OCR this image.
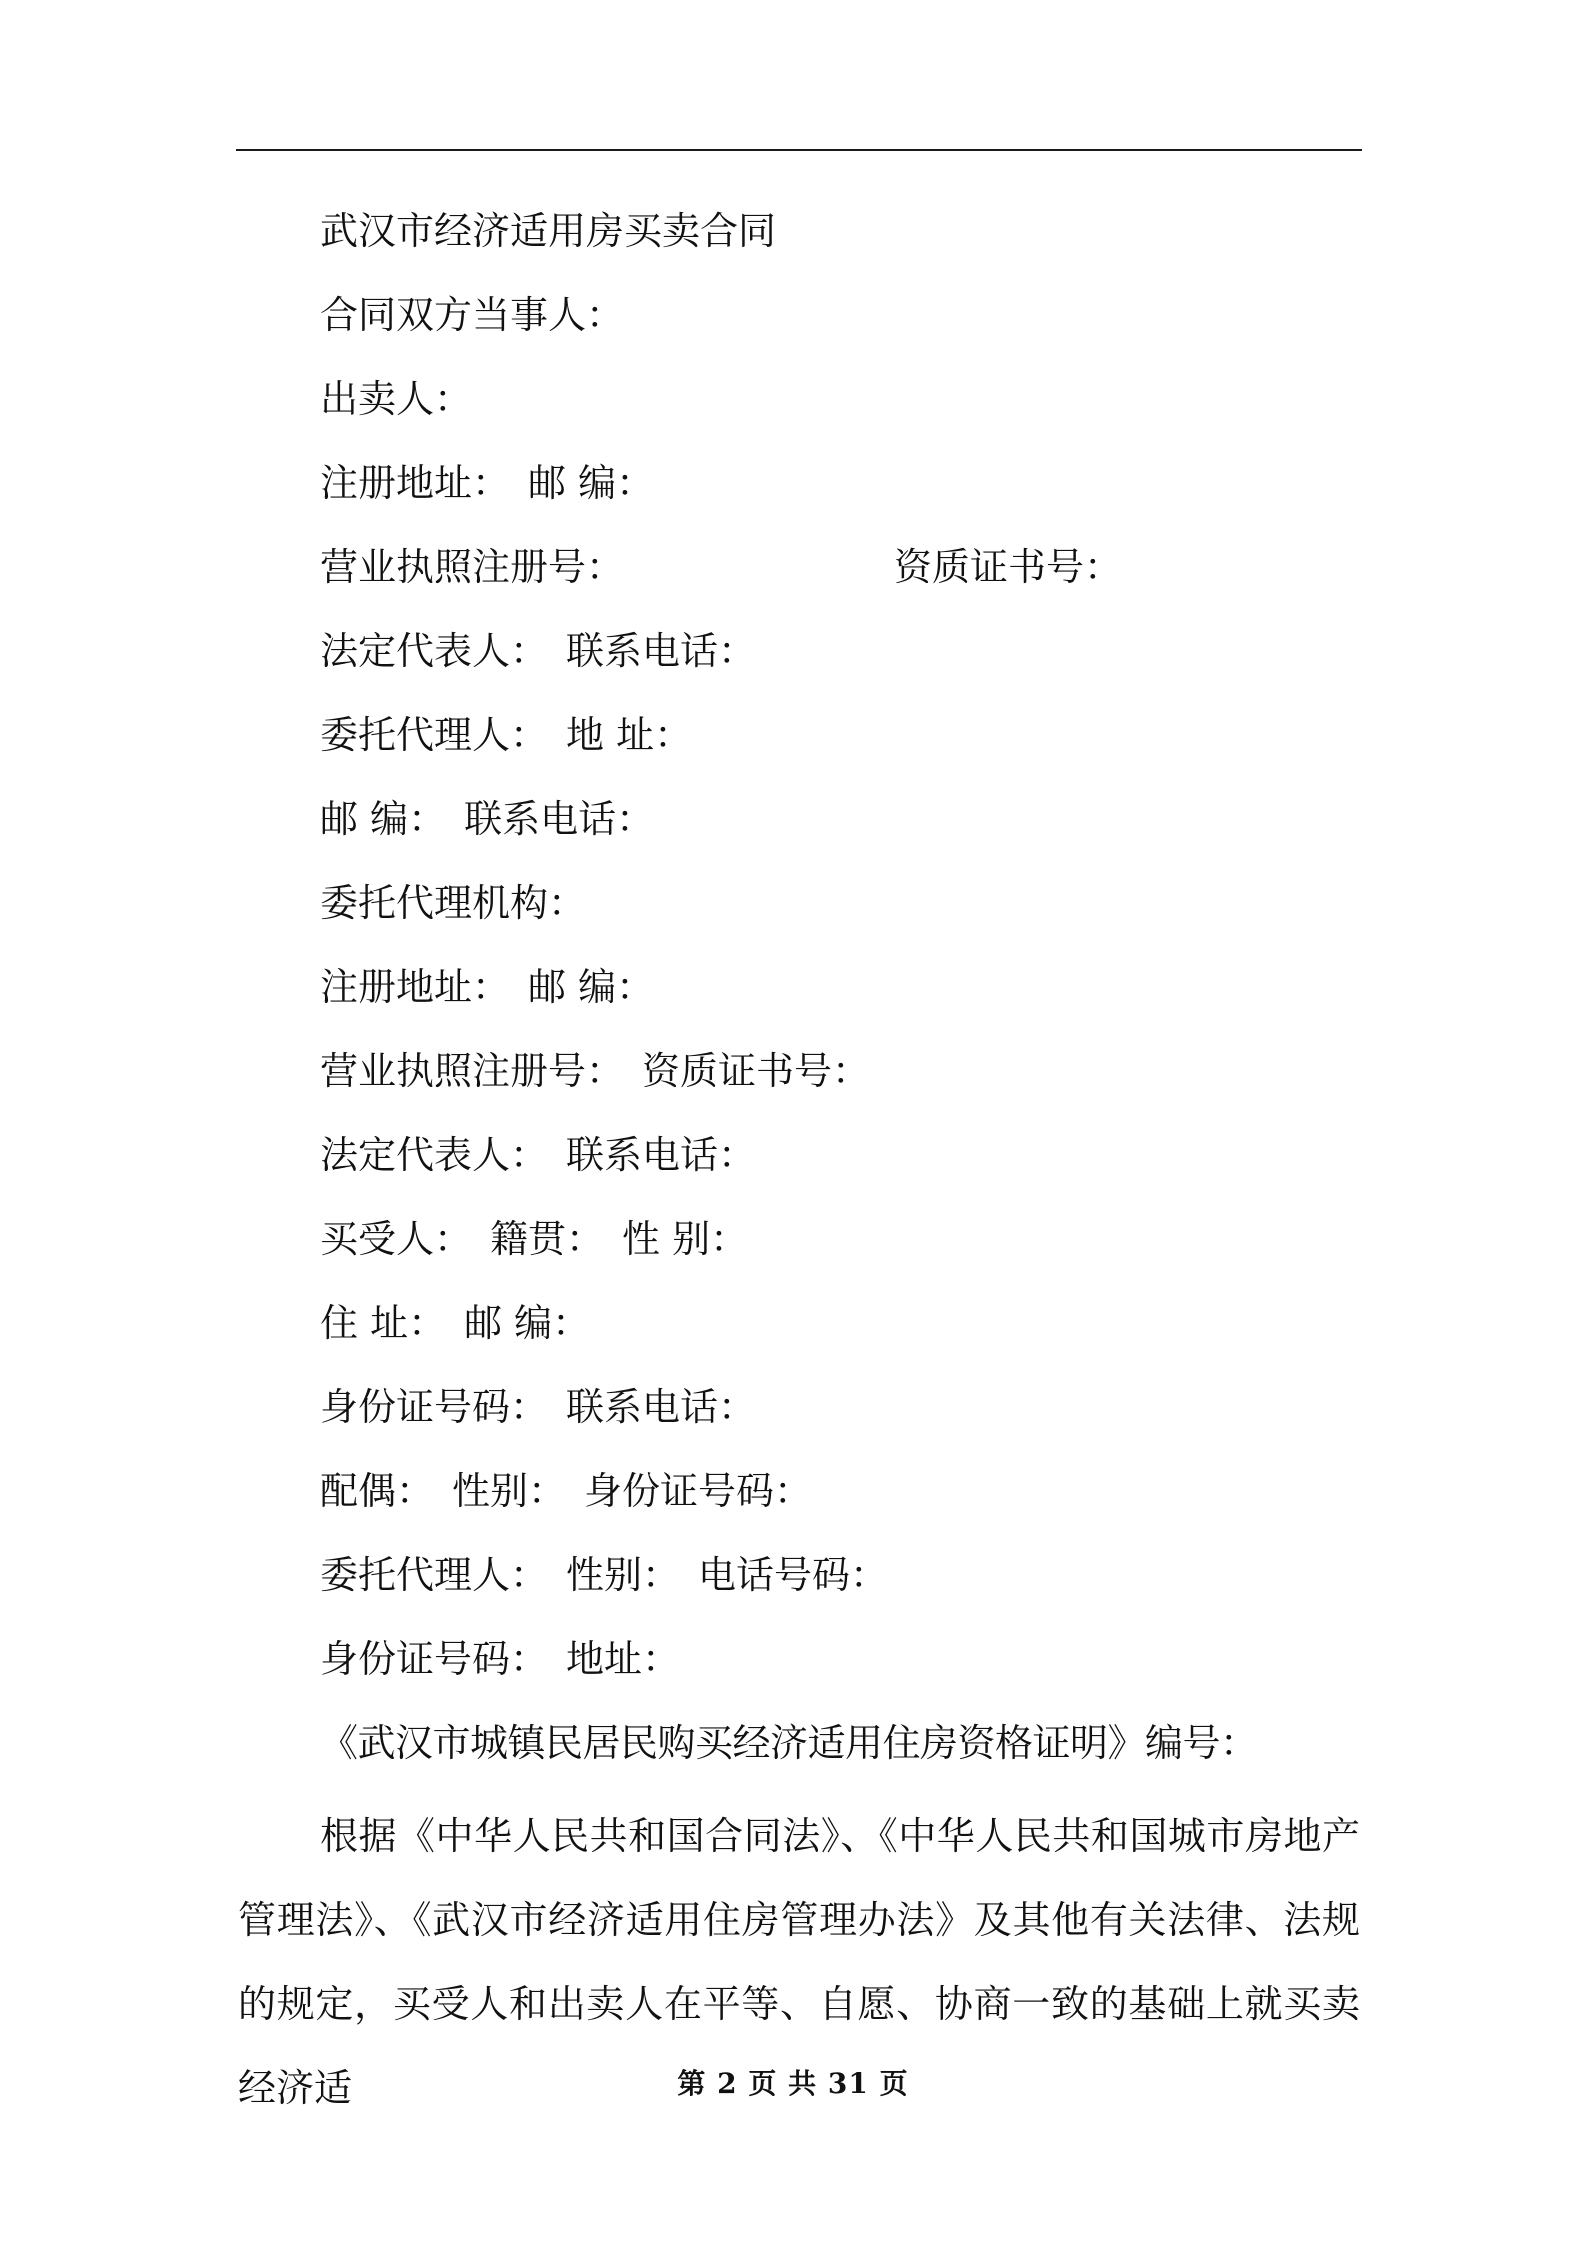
武汉市经济适用房买卖合同
合同双方当事人：
出卖人：
注册地址： 邮 编：
营业执照注册号：	资质证书号：
法定代表人： 联系电话：
委托代理人： 地 址：
邮 编： 联系电话：
委托代理机构：
注册地址： 邮 编：
营业执照注册号： 资质证书号：
法定代表人： 联系电话：
买受人： 籍贯： 性 别：
住 址： 邮 编：
身份证号码： 联系电话：
配偶： 性别： 身份证号码：
委托代理人： 性别： 电话号码：
身份证号码： 地址：
《武汉市城镇民居民购买经济适用住房资格证明》编号：

根据《中华人民共和国合同法》、《中华人民共和国城市房地产管理法》、《武汉市经济适用住房管理办法》及其他有关法律、法规的规定，买受人和出卖人在平等、自愿、协商一致的基础上就买卖经济适	第 2 页 共 31 页
